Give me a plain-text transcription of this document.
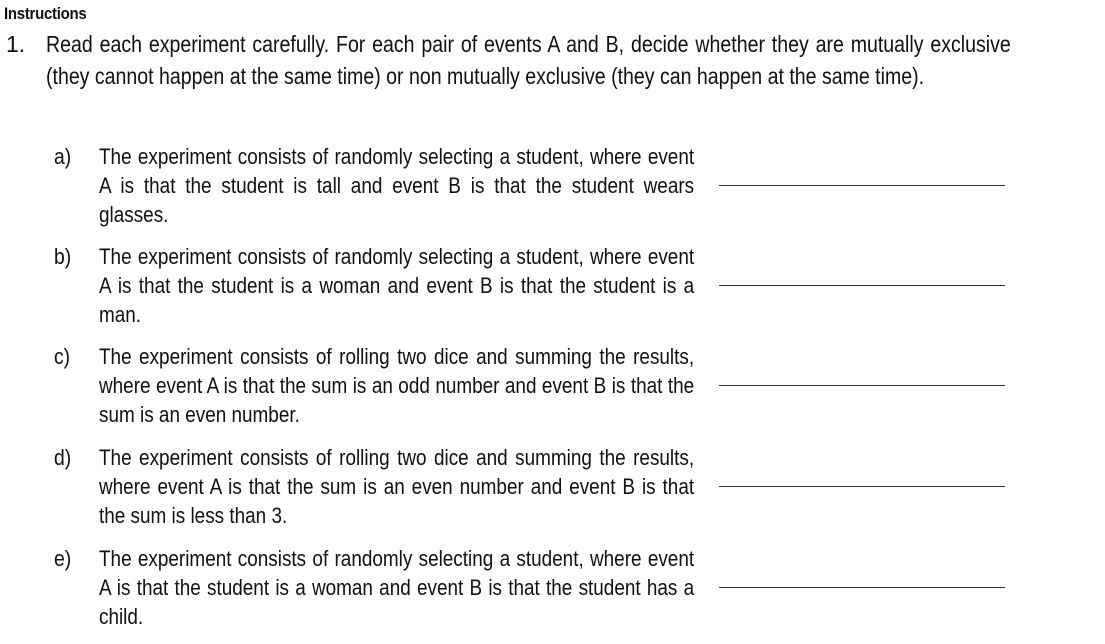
Instructions
1. Read each experiment carefully. For each pair of events A and B, decide whether they are mutually exclusive (they cannot happen at the same time) or non mutually exclusive (they can happen at the same time).
a) The experiment consists of randomly selecting a student, where event A is that the student is tall and event B is that the student wears glasses.
b) The experiment consists of randomly selecting a student, where event A is that the student is a woman and event B is that the student is a man.
c) The experiment consists of rolling two dice and summing the results, where event A is that the sum is an odd number and event B is that the sum is an even number.
d) The experiment consists of rolling two dice and summing the results, where event A is that the sum is an even number and event B is that the sum is less than 3.
e) The experiment consists of randomly selecting a student, where event A is that the student is a woman and event B is that the student has a child.
